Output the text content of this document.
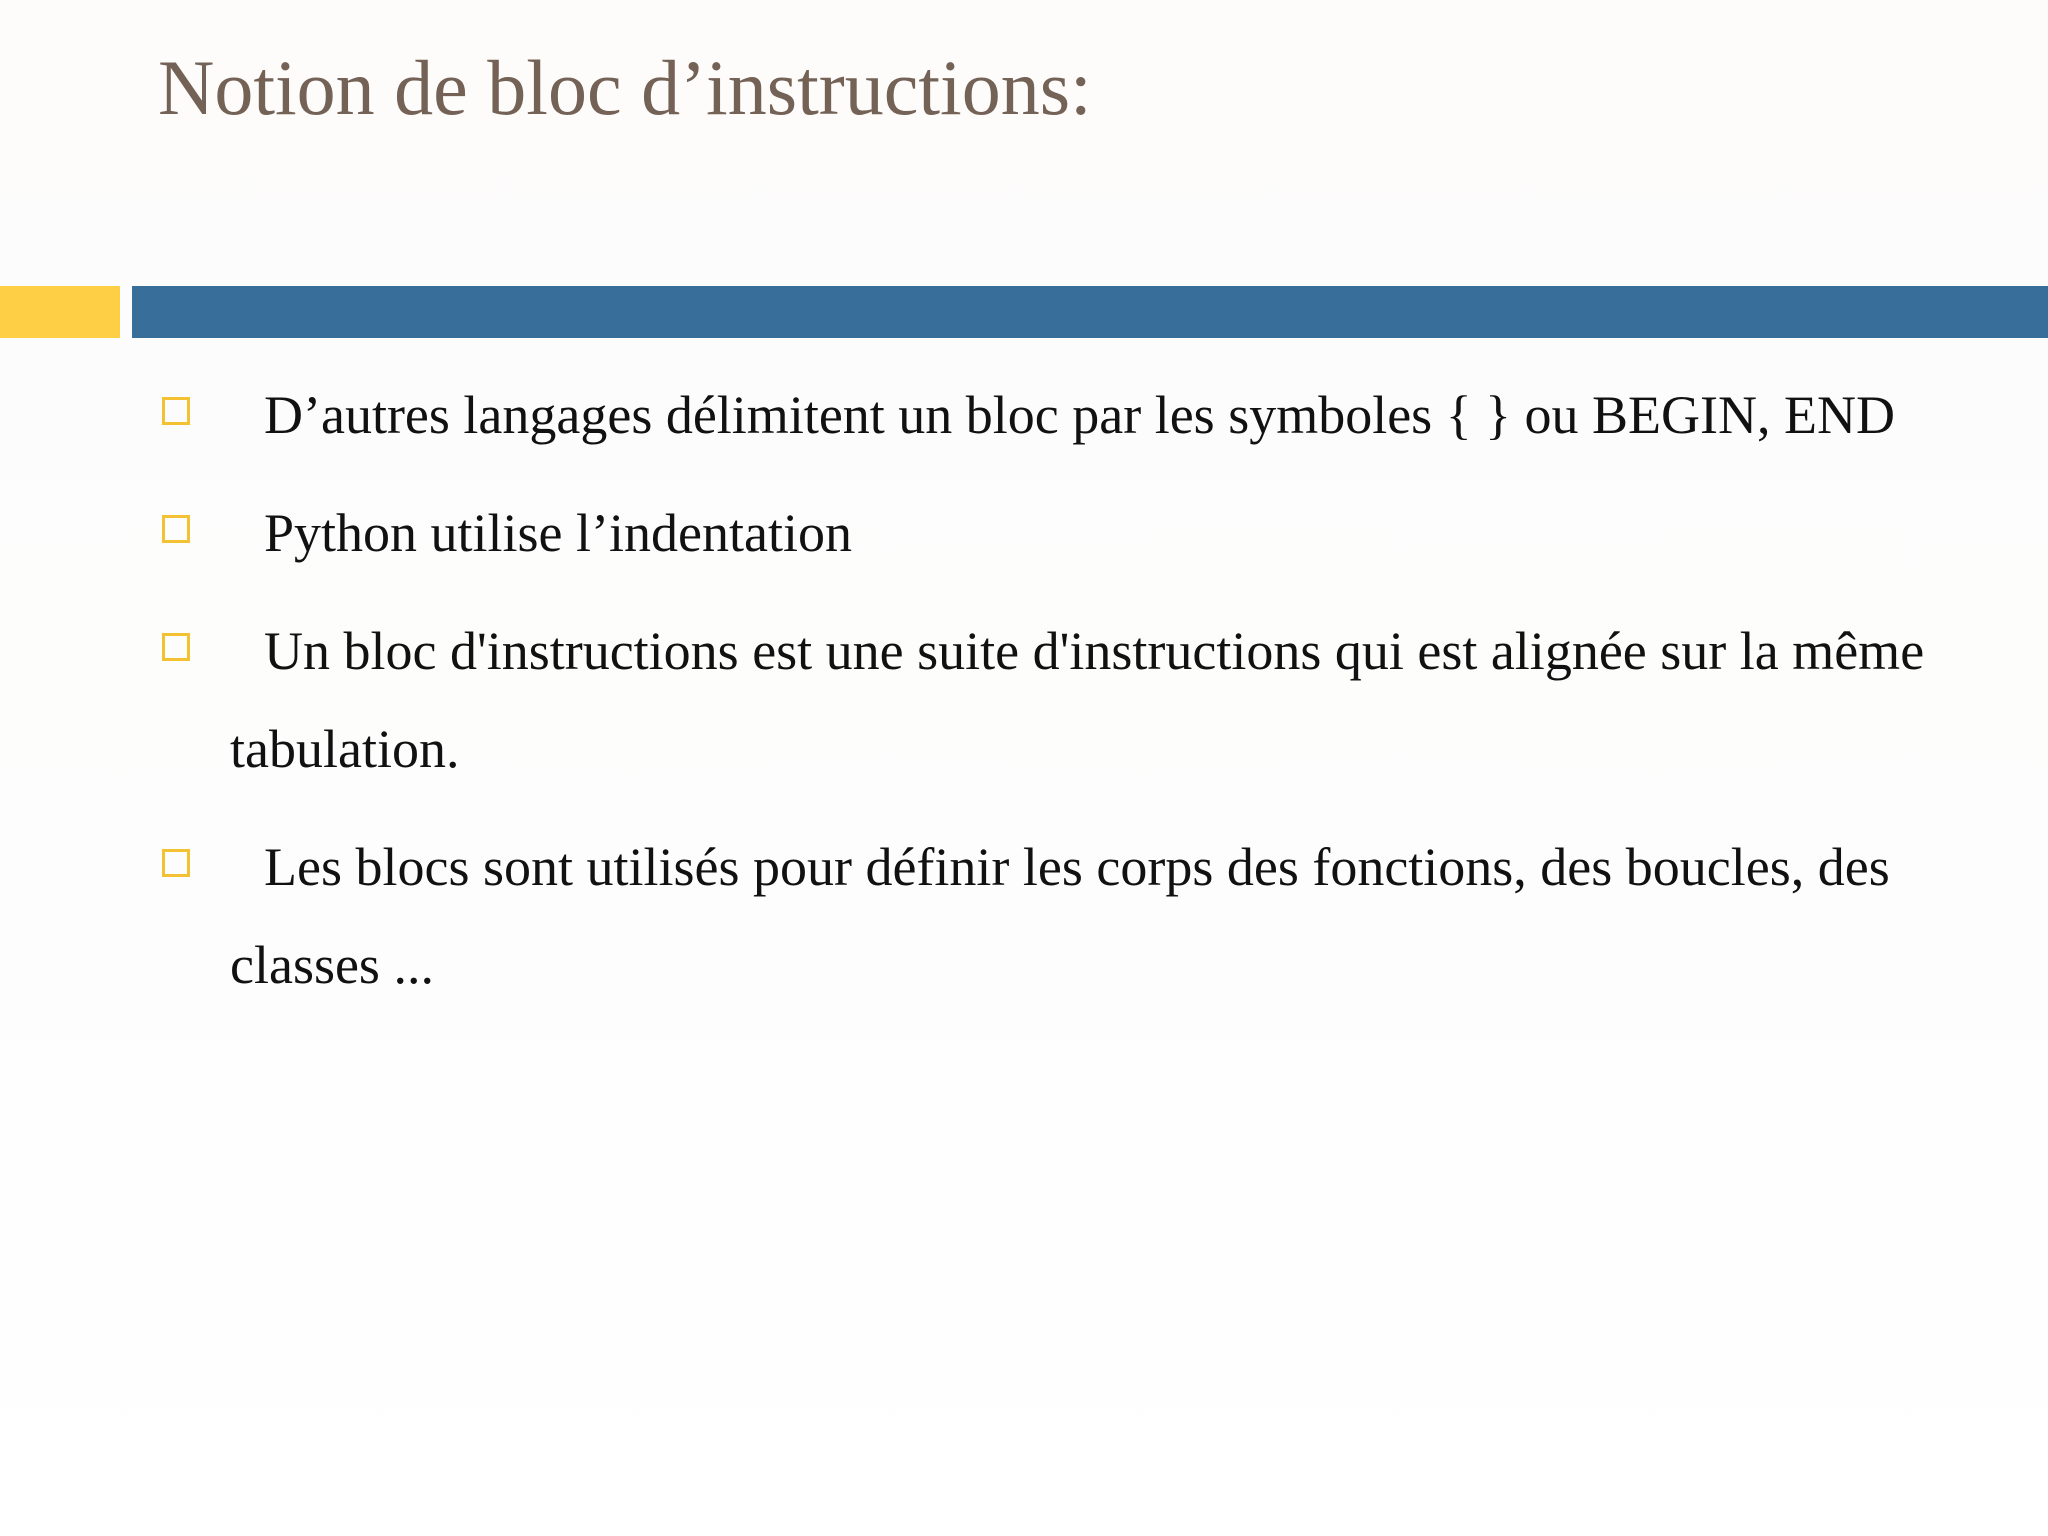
Notion de bloc d’instructions:
D’autres langages délimitent un bloc par les symboles { } ou BEGIN, END
Python utilise l’indentation
Un bloc d'instructions est une suite d'instructions qui est alignée sur la même tabulation.
Les blocs sont utilisés pour définir les corps des fonctions, des boucles, des classes ...
